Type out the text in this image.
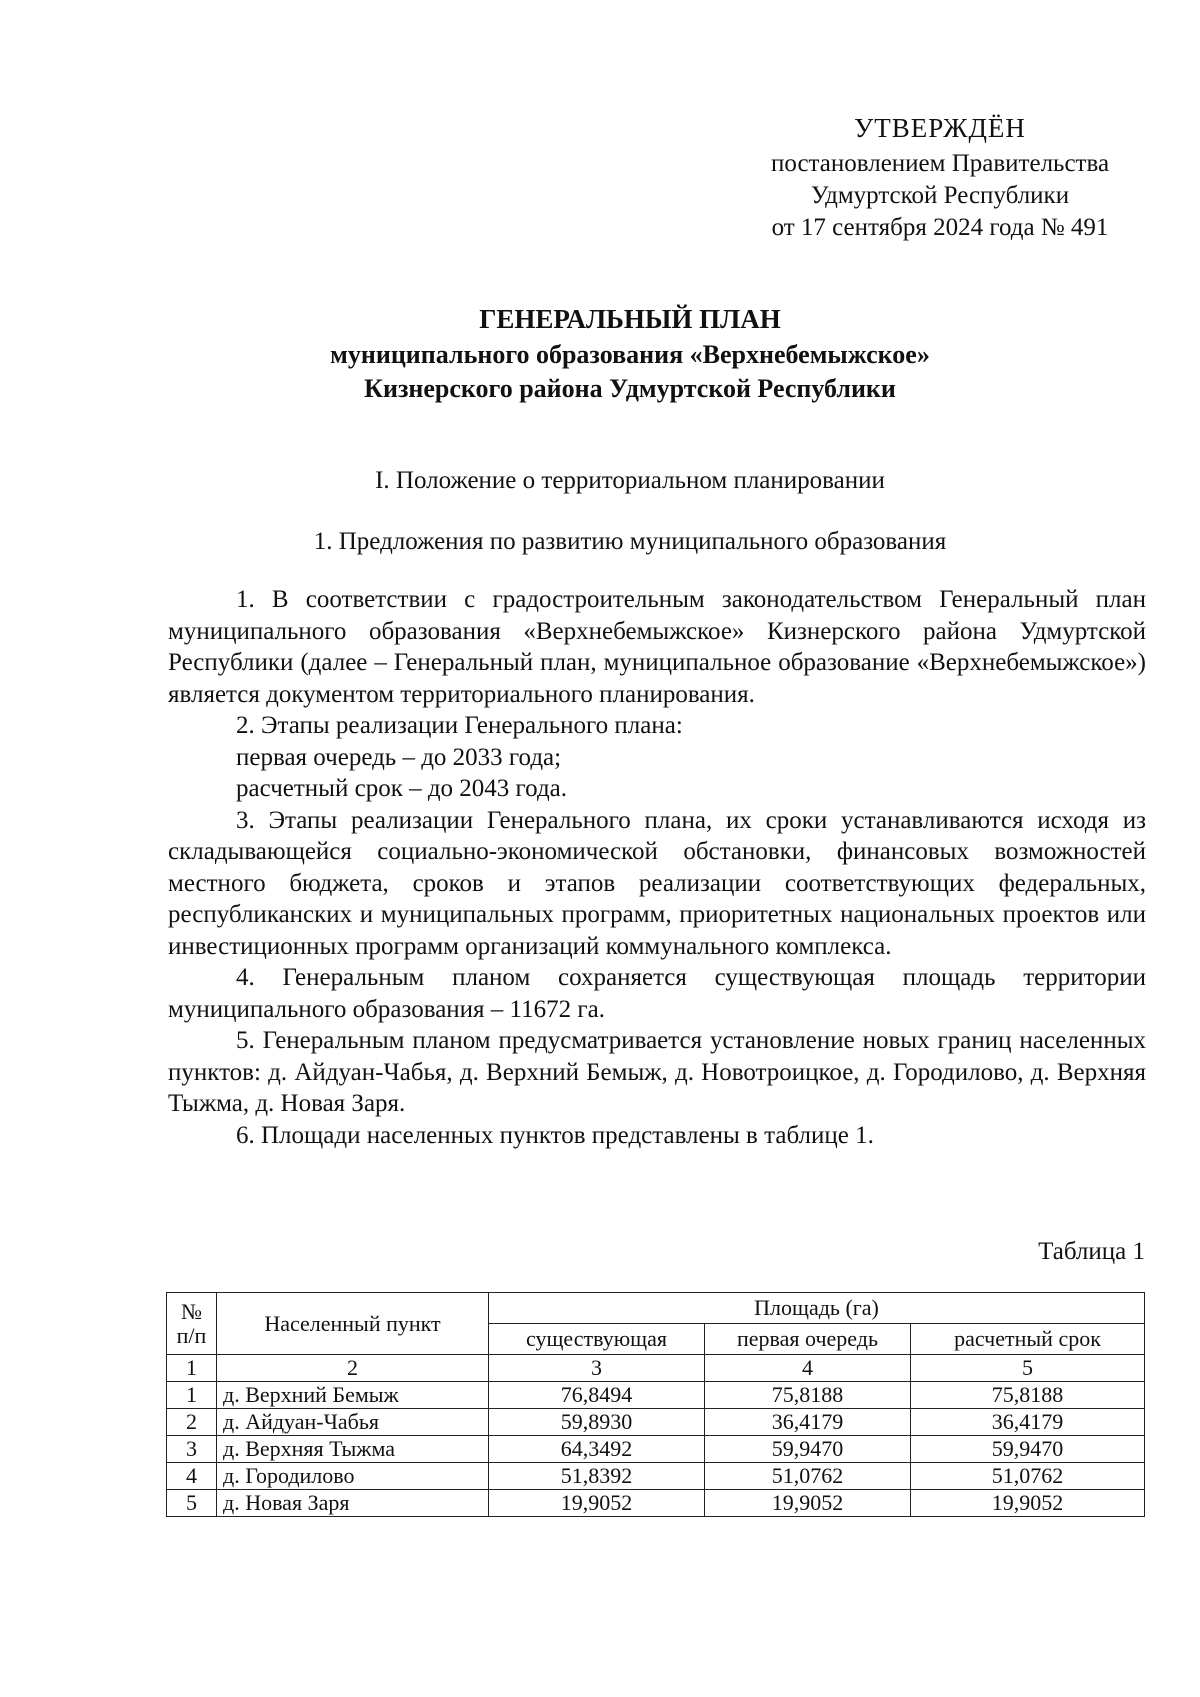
УТВЕРЖДЁН
постановлением Правительства
Удмуртской Республики
от 17 сентября 2024 года № 491
ГЕНЕРАЛЬНЫЙ ПЛАН
муниципального образования «Верхнебемыжское»
Кизнерского района Удмуртской Республики
I. Положение о территориальном планировании
1. Предложения по развитию муниципального образования

1. В соответствии с градостроительным законодательством Генеральный план муниципального образования «Верхнебемыжское» Кизнерского района Удмуртской Республики (далее – Генеральный план, муниципальное образование «Верхнебемыжское») является документом территориального планирования.

2. Этапы реализации Генерального плана:

первая очередь – до 2033 года;

расчетный срок – до 2043 года.

3. Этапы реализации Генерального плана, их сроки устанавливаются исходя из складывающейся социально-экономической обстановки, финансовых возможностей местного бюджета, сроков и этапов реализации соответствующих федеральных, республиканских и муниципальных программ, приоритетных национальных проектов или инвестиционных программ организаций коммунального комплекса.

4. Генеральным планом сохраняется существующая площадь территории муниципального образования – 11672 га.

5. Генеральным планом предусматривается установление новых границ населенных пунктов: д. Айдуан-Чабья, д. Верхний Бемыж, д. Новотроицкое, д. Городилово, д. Верхняя Тыжма, д. Новая Заря.

6. Площади населенных пунктов представлены в таблице 1.

Таблица 1
№ п/п	Населенный пункт	Площадь (га)		
		существующая	первая очередь	расчетный срок
1	2	3	4	5
1	д. Верхний Бемыж	76,8494	75,8188	75,8188
2	д. Айдуан-Чабья	59,8930	36,4179	36,4179
3	д. Верхняя Тыжма	64,3492	59,9470	59,9470
4	д. Городилово	51,8392	51,0762	51,0762
5	д. Новая Заря	19,9052	19,9052	19,9052
